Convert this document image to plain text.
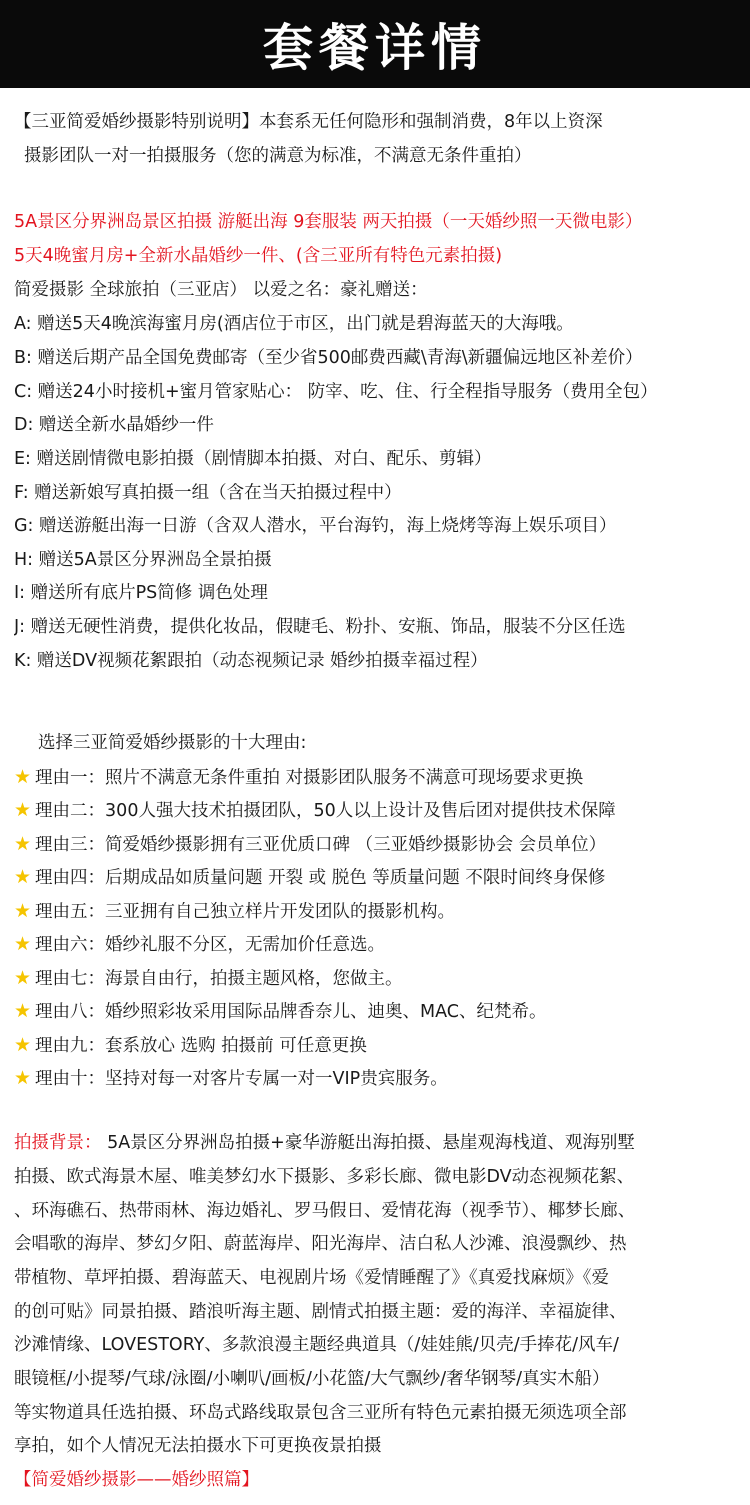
套餐详情
【三亚简爱婚纱摄影特别说明】本套系无任何隐形和强制消费，8年以上资深
摄影团队一对一拍摄服务（您的满意为标准，不满意无条件重拍）
5A景区分界洲岛景区拍摄 游艇出海 9套服装 两天拍摄（一天婚纱照一天微电影）
5天4晚蜜月房+全新水晶婚纱一件、(含三亚所有特色元素拍摄)
简爱摄影 全球旅拍（三亚店） 以爱之名：豪礼赠送：
A: 赠送5天4晚滨海蜜月房(酒店位于市区，出门就是碧海蓝天的大海哦。
B: 赠送后期产品全国免费邮寄（至少省500邮费西藏\青海\新疆偏远地区补差价）
C: 赠送24小时接机+蜜月管家贴心： 防宰、吃、住、行全程指导服务（费用全包）
D: 赠送全新水晶婚纱一件
E: 赠送剧情微电影拍摄（剧情脚本拍摄、对白、配乐、剪辑）
F: 赠送新娘写真拍摄一组（含在当天拍摄过程中）
G: 赠送游艇出海一日游（含双人潜水，平台海钓，海上烧烤等海上娱乐项目）
H: 赠送5A景区分界洲岛全景拍摄
I: 赠送所有底片PS简修 调色处理
J: 赠送无硬性消费，提供化妆品，假睫毛、粉扑、安瓶、饰品，服装不分区任选
K: 赠送DV视频花絮跟拍（动态视频记录 婚纱拍摄幸福过程）
选择三亚简爱婚纱摄影的十大理由:
★ 理由一：照片不满意无条件重拍 对摄影团队服务不满意可现场要求更换
★ 理由二：300人强大技术拍摄团队，50人以上设计及售后团对提供技术保障
★ 理由三：简爱婚纱摄影拥有三亚优质口碑 （三亚婚纱摄影协会 会员单位）
★ 理由四：后期成品如质量问题 开裂 或 脱色 等质量问题 不限时间终身保修
★ 理由五：三亚拥有自己独立样片开发团队的摄影机构。
★ 理由六：婚纱礼服不分区，无需加价任意选。
★ 理由七：海景自由行，拍摄主题风格，您做主。
★ 理由八：婚纱照彩妆采用国际品牌香奈儿、迪奥、MAC、纪梵希。
★ 理由九：套系放心 选购 拍摄前 可任意更换
★ 理由十：坚持对每一对客片专属一对一VIP贵宾服务。
拍摄背景： 5A景区分界洲岛拍摄+豪华游艇出海拍摄、悬崖观海栈道、观海别墅
拍摄、欧式海景木屋、唯美梦幻水下摄影、多彩长廊、微电影DV动态视频花絮、
、环海礁石、热带雨林、海边婚礼、罗马假日、爱情花海（视季节）、椰梦长廊、
会唱歌的海岸、梦幻夕阳、蔚蓝海岸、阳光海岸、洁白私人沙滩、浪漫飘纱、热
带植物、草坪拍摄、碧海蓝天、电视剧片场《爱情睡醒了》《真爱找麻烦》《爱
的创可贴》同景拍摄、踏浪听海主题、剧情式拍摄主题：爱的海洋、幸福旋律、
沙滩情缘、LOVESTORY、多款浪漫主题经典道具（/娃娃熊/贝壳/手捧花/风车/
眼镜框/小提琴/气球/泳圈/小喇叭/画板/小花篮/大气飘纱/奢华钢琴/真实木船）
等实物道具任选拍摄、环岛式路线取景包含三亚所有特色元素拍摄无须选项全部
享拍，如个人情况无法拍摄水下可更换夜景拍摄
【简爱婚纱摄影——婚纱照篇】
